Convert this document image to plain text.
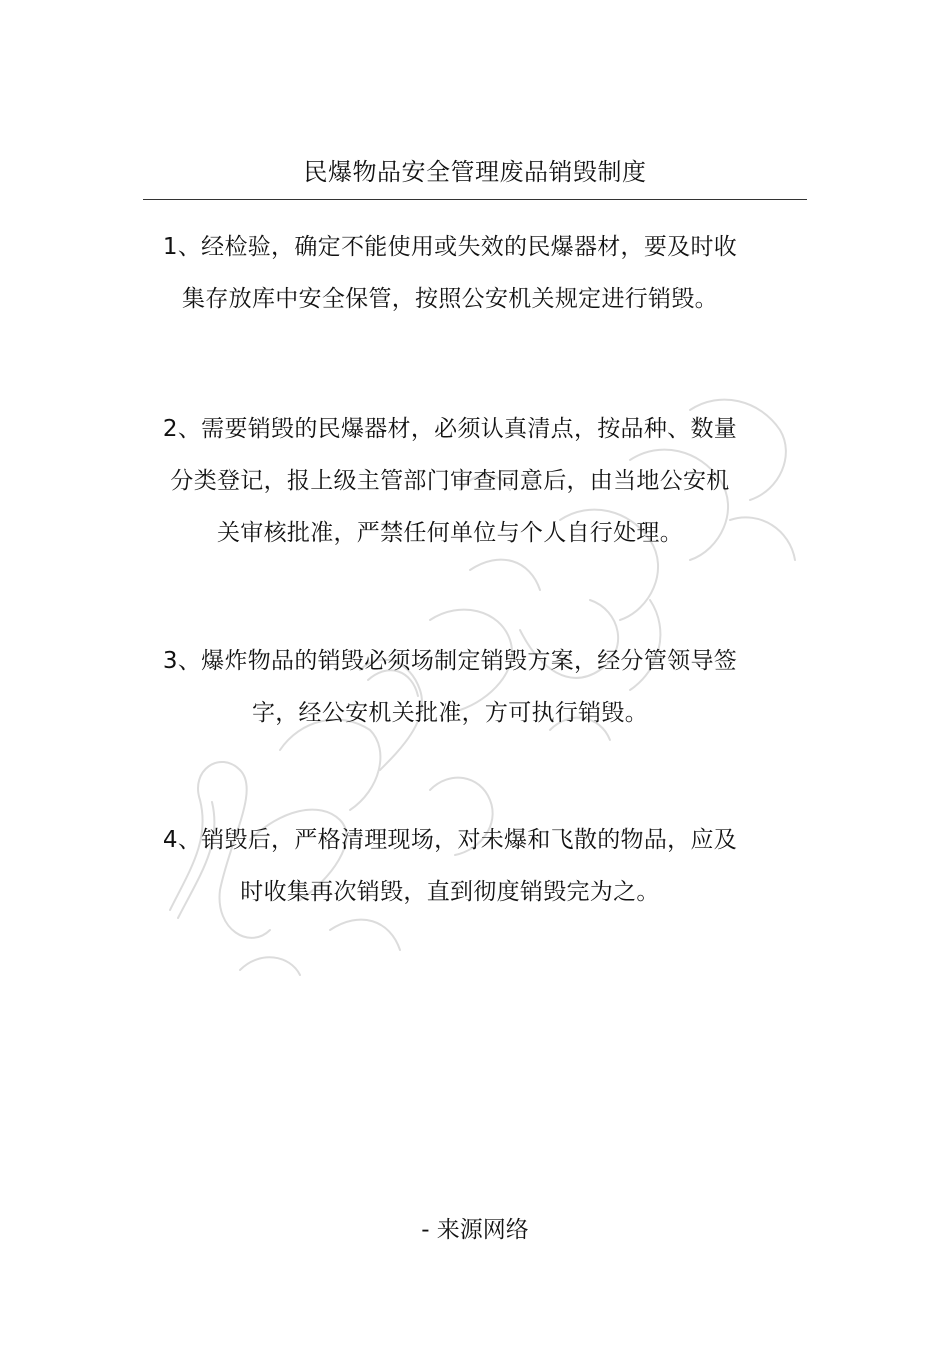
民爆物品安全管理废品销毁制度
1、经检验，确定不能使用或失效的民爆器材，要及时收
集存放库中安全保管，按照公安机关规定进行销毁。
2、需要销毁的民爆器材，必须认真清点，按品种、数量
分类登记，报上级主管部门审查同意后，由当地公安机
关审核批准，严禁任何单位与个人自行处理。
3、爆炸物品的销毁必须场制定销毁方案，经分管领导签
字，经公安机关批准，方可执行销毁。
4、销毁后，严格清理现场，对未爆和飞散的物品，应及
时收集再次销毁，直到彻度销毁完为之。
- 来源网络
